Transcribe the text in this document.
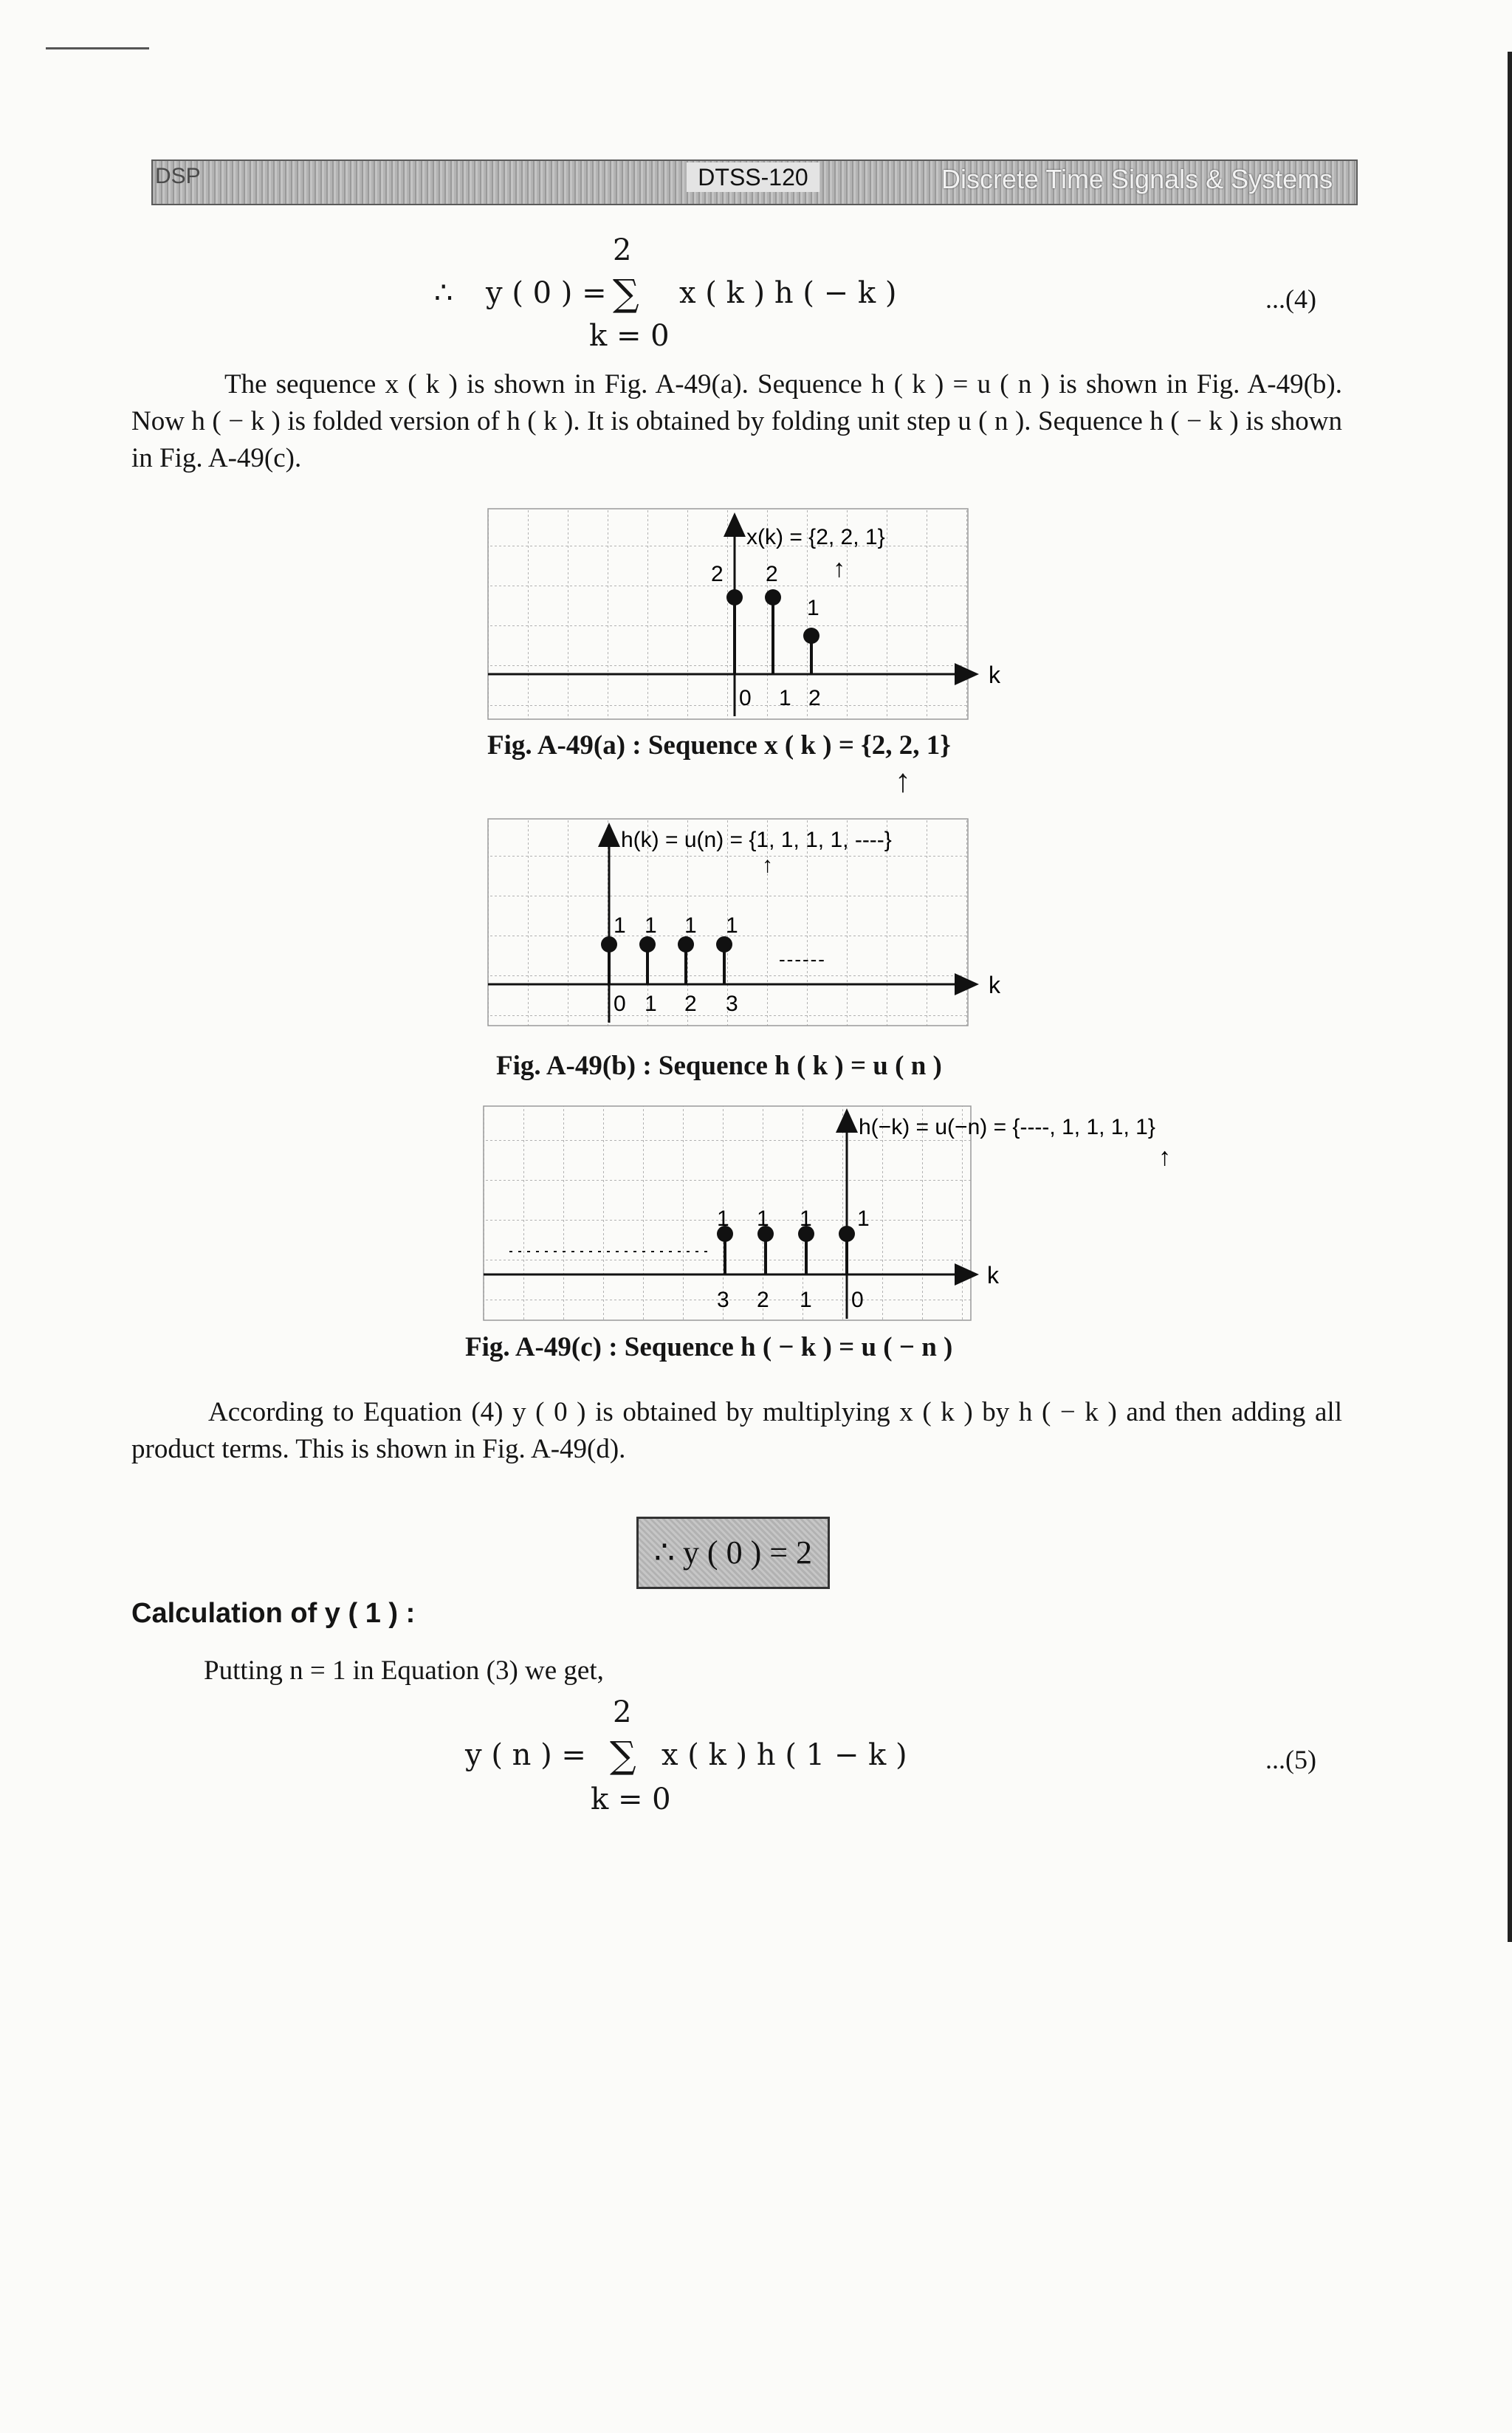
DSP	DTSS-120	Discrete Time Signals & Systems
2
∴ y ( 0 ) = ∑ x ( k ) h ( − k )
k = 0
...(4)
The sequence x ( k ) is shown in Fig. A-49(a). Sequence h ( k ) = u ( n ) is shown in Fig. A-49(b). Now h ( − k ) is folded version of h ( k ). It is obtained by folding unit step u ( n ). Sequence h ( − k ) is shown in Fig. A-49(c).
k
x(k) = {2, 2, 1}
↑
0 1 2
2 2
1
Fig. A-49(a) : Sequence x ( k ) = {2, 2, 1}
↑
k
h(k) = u(n) = {1, 1, 1, 1, ----}
↑
------
0 1 2 3
1 1 1 1
Fig. A-49(b) : Sequence h ( k ) = u ( n )
k
h(−k) = u(−n) = {----, 1, 1, 1, 1}
↑
3 2 1 0
1 1 1 1
Fig. A-49(c) : Sequence h ( − k ) = u ( − n )
According to Equation (4) y ( 0 ) is obtained by multiplying x ( k ) by h ( − k ) and then adding all product terms. This is shown in Fig. A-49(d).
∴ y ( 0 ) = 2
Calculation of y ( 1 ) :
Putting n = 1 in Equation (3) we get,
2
y ( n ) = ∑ x ( k ) h ( 1 − k )
k = 0
...(5)
